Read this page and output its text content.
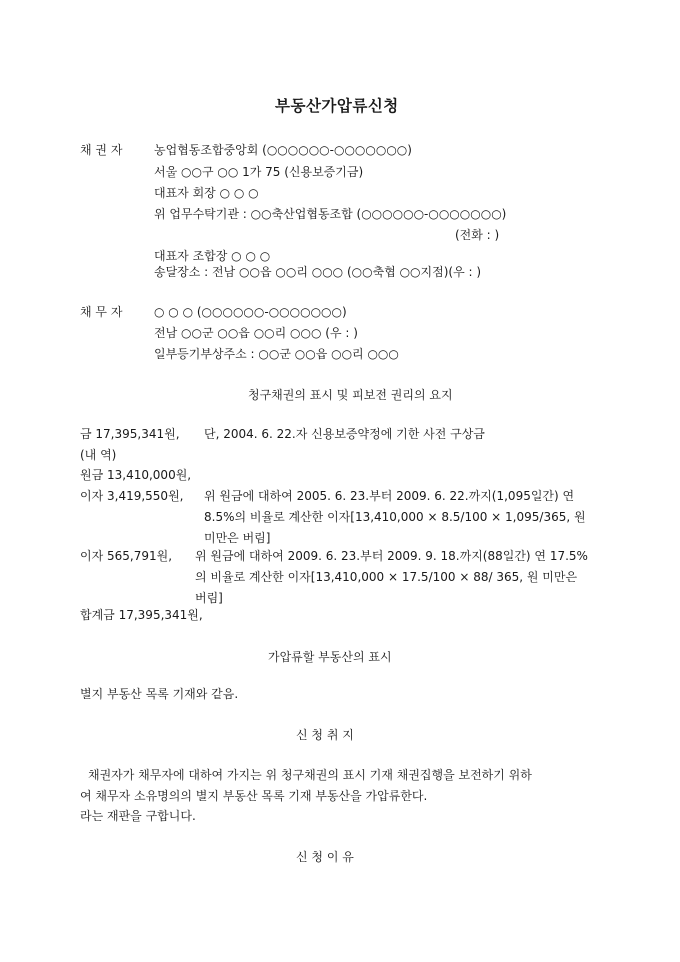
부동산가압류신청
채 권 자	농업협동조합중앙회 (○○○○○○-○○○○○○○)
서울 ○○구 ○○ 1가 75 (신용보증기금)
대표자 회장 ○ ○ ○
위 업무수탁기관 : ○○축산업협동조합 (○○○○○○-○○○○○○○)
(전화 : )
대표자 조합장 ○ ○ ○
송달장소 : 전남 ○○읍 ○○리 ○○○ (○○축협 ○○지점)(우 : )
채 무 자	○ ○ ○ (○○○○○○-○○○○○○○)
전남 ○○군 ○○읍 ○○리 ○○○ (우 : )
일부등기부상주소 : ○○군 ○○읍 ○○리 ○○○
청구채권의 표시 및 피보전 권리의 요지
금 17,395,341원, 단, 2004. 6. 22.자 신용보증약정에 기한 사전 구상금
(내 역)
원금 13,410,000원,
이자 3,419,550원, 위 원금에 대하여 2005. 6. 23.부터 2009. 6. 22.까지(1,095일간) 연
8.5%의 비율로 계산한 이자[13,410,000 × 8.5/100 × 1,095/365, 원
미만은 버림]
이자 565,791원, 위 원금에 대하여 2009. 6. 23.부터 2009. 9. 18.까지(88일간) 연 17.5%
의 비율로 계산한 이자[13,410,000 × 17.5/100 × 88/ 365, 원 미만은
버림]
합계금 17,395,341원,
가압류할 부동산의 표시
별지 부동산 목록 기재와 같음.
신 청 취 지
채권자가 채무자에 대하여 가지는 위 청구채권의 표시 기재 채권집행을 보전하기 위하
여 채무자 소유명의의 별지 부동산 목록 기재 부동산을 가압류한다.
라는 재판을 구합니다.
신 청 이 유
